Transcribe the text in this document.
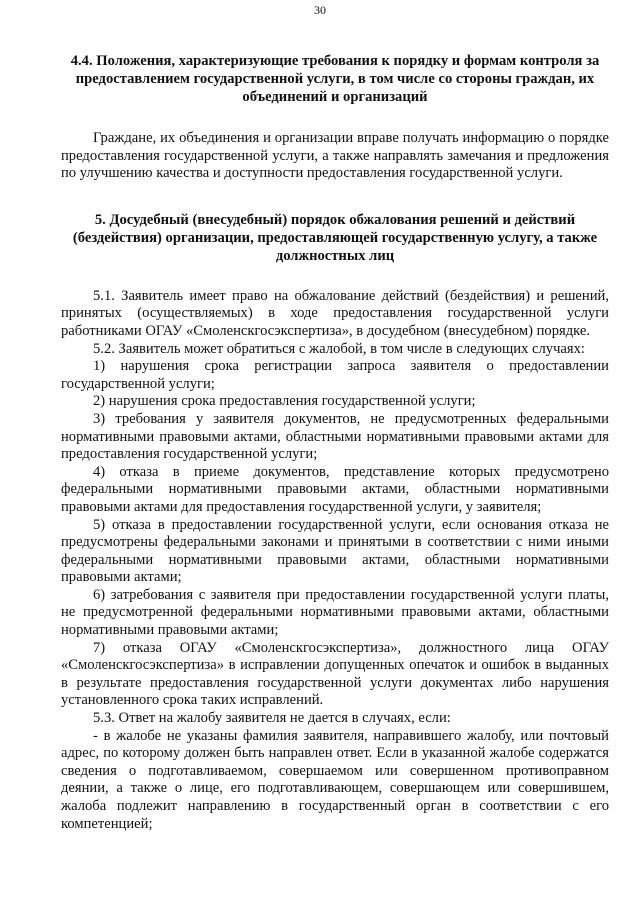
30

4.4. Положения, характеризующие требования к порядку и формам контроля за предоставлением государственной услуги, в том числе со стороны граждан, их объединений и организаций

Граждане, их объединения и организации вправе получать информацию о порядке предоставления государственной услуги, а также направлять замечания и предложения по улучшению качества и доступности предоставления государственной услуги.

5. Досудебный (внесудебный) порядок обжалования решений и действий (бездействия) организации, предоставляющей государственную услугу, а также должностных лиц

5.1. Заявитель имеет право на обжалование действий (бездействия) и решений, принятых (осуществляемых) в ходе предоставления государственной услуги работниками ОГАУ «Смоленскгосэкспертиза», в досудебном (внесудебном) порядке.

5.2. Заявитель может обратиться с жалобой, в том числе в следующих случаях:

1) нарушения срока регистрации запроса заявителя о предоставлении государственной услуги;

2) нарушения срока предоставления государственной услуги;

3) требования у заявителя документов, не предусмотренных федеральными нормативными правовыми актами, областными нормативными правовыми актами для предоставления государственной услуги;

4) отказа в приеме документов, представление которых предусмотрено федеральными нормативными правовыми актами, областными нормативными правовыми актами для предоставления государственной услуги, у заявителя;

5) отказа в предоставлении государственной услуги, если основания отказа не предусмотрены федеральными законами и принятыми в соответствии с ними иными федеральными нормативными правовыми актами, областными нормативными правовыми актами;

6) затребования с заявителя при предоставлении государственной услуги платы, не предусмотренной федеральными нормативными правовыми актами, областными нормативными правовыми актами;

7) отказа ОГАУ «Смоленскгосэкспертиза», должностного лица ОГАУ «Смоленскгосэкспертиза» в исправлении допущенных опечаток и ошибок в выданных в результате предоставления государственной услуги документах либо нарушения установленного срока таких исправлений.

5.3. Ответ на жалобу заявителя не дается в случаях, если:

- в жалобе не указаны фамилия заявителя, направившего жалобу, или почтовый адрес, по которому должен быть направлен ответ. Если в указанной жалобе содержатся сведения о подготавливаемом, совершаемом или совершенном противоправном деянии, а также о лице, его подготавливающем, совершающем или совершившем, жалоба подлежит направлению в государственный орган в соответствии с его компетенцией;
